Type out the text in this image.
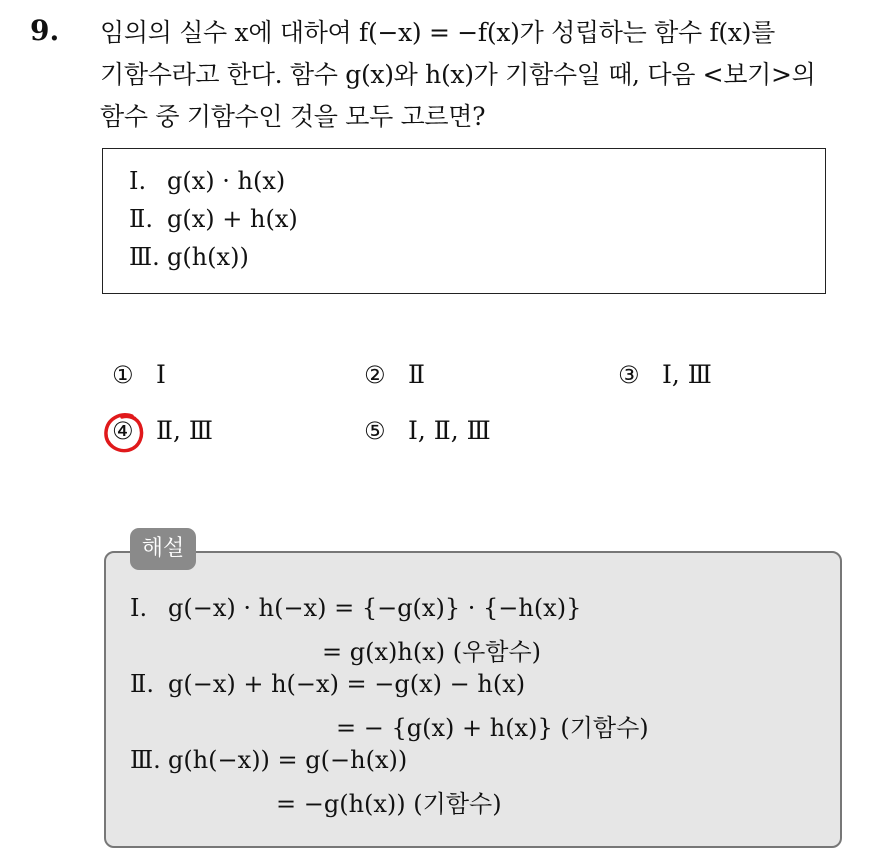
9. 임의의 실수 x에 대하여 f(−x) = −f(x)가 성립하는 함수 f(x)를
기함수라고 한다. 함수 g(x)와 h(x)가 기함수일 때, 다음 <보기>의
함수 중 기함수인 것을 모두 고르면?
Ⅰ. g(x) · h(x)
Ⅱ. g(x) + h(x)
Ⅲ. g(h(x))
① Ⅰ	② Ⅱ	③ Ⅰ, Ⅲ
④ Ⅱ, Ⅲ	⑤ Ⅰ, Ⅱ, Ⅲ
해설
Ⅰ. g(−x) · h(−x) = {−g(x)} · {−h(x)}
= g(x)h(x) (우함수)
Ⅱ. g(−x) + h(−x) = −g(x) − h(x)
= − {g(x) + h(x)} (기함수)
Ⅲ. g(h(−x)) = g(−h(x))
= −g(h(x)) (기함수)
